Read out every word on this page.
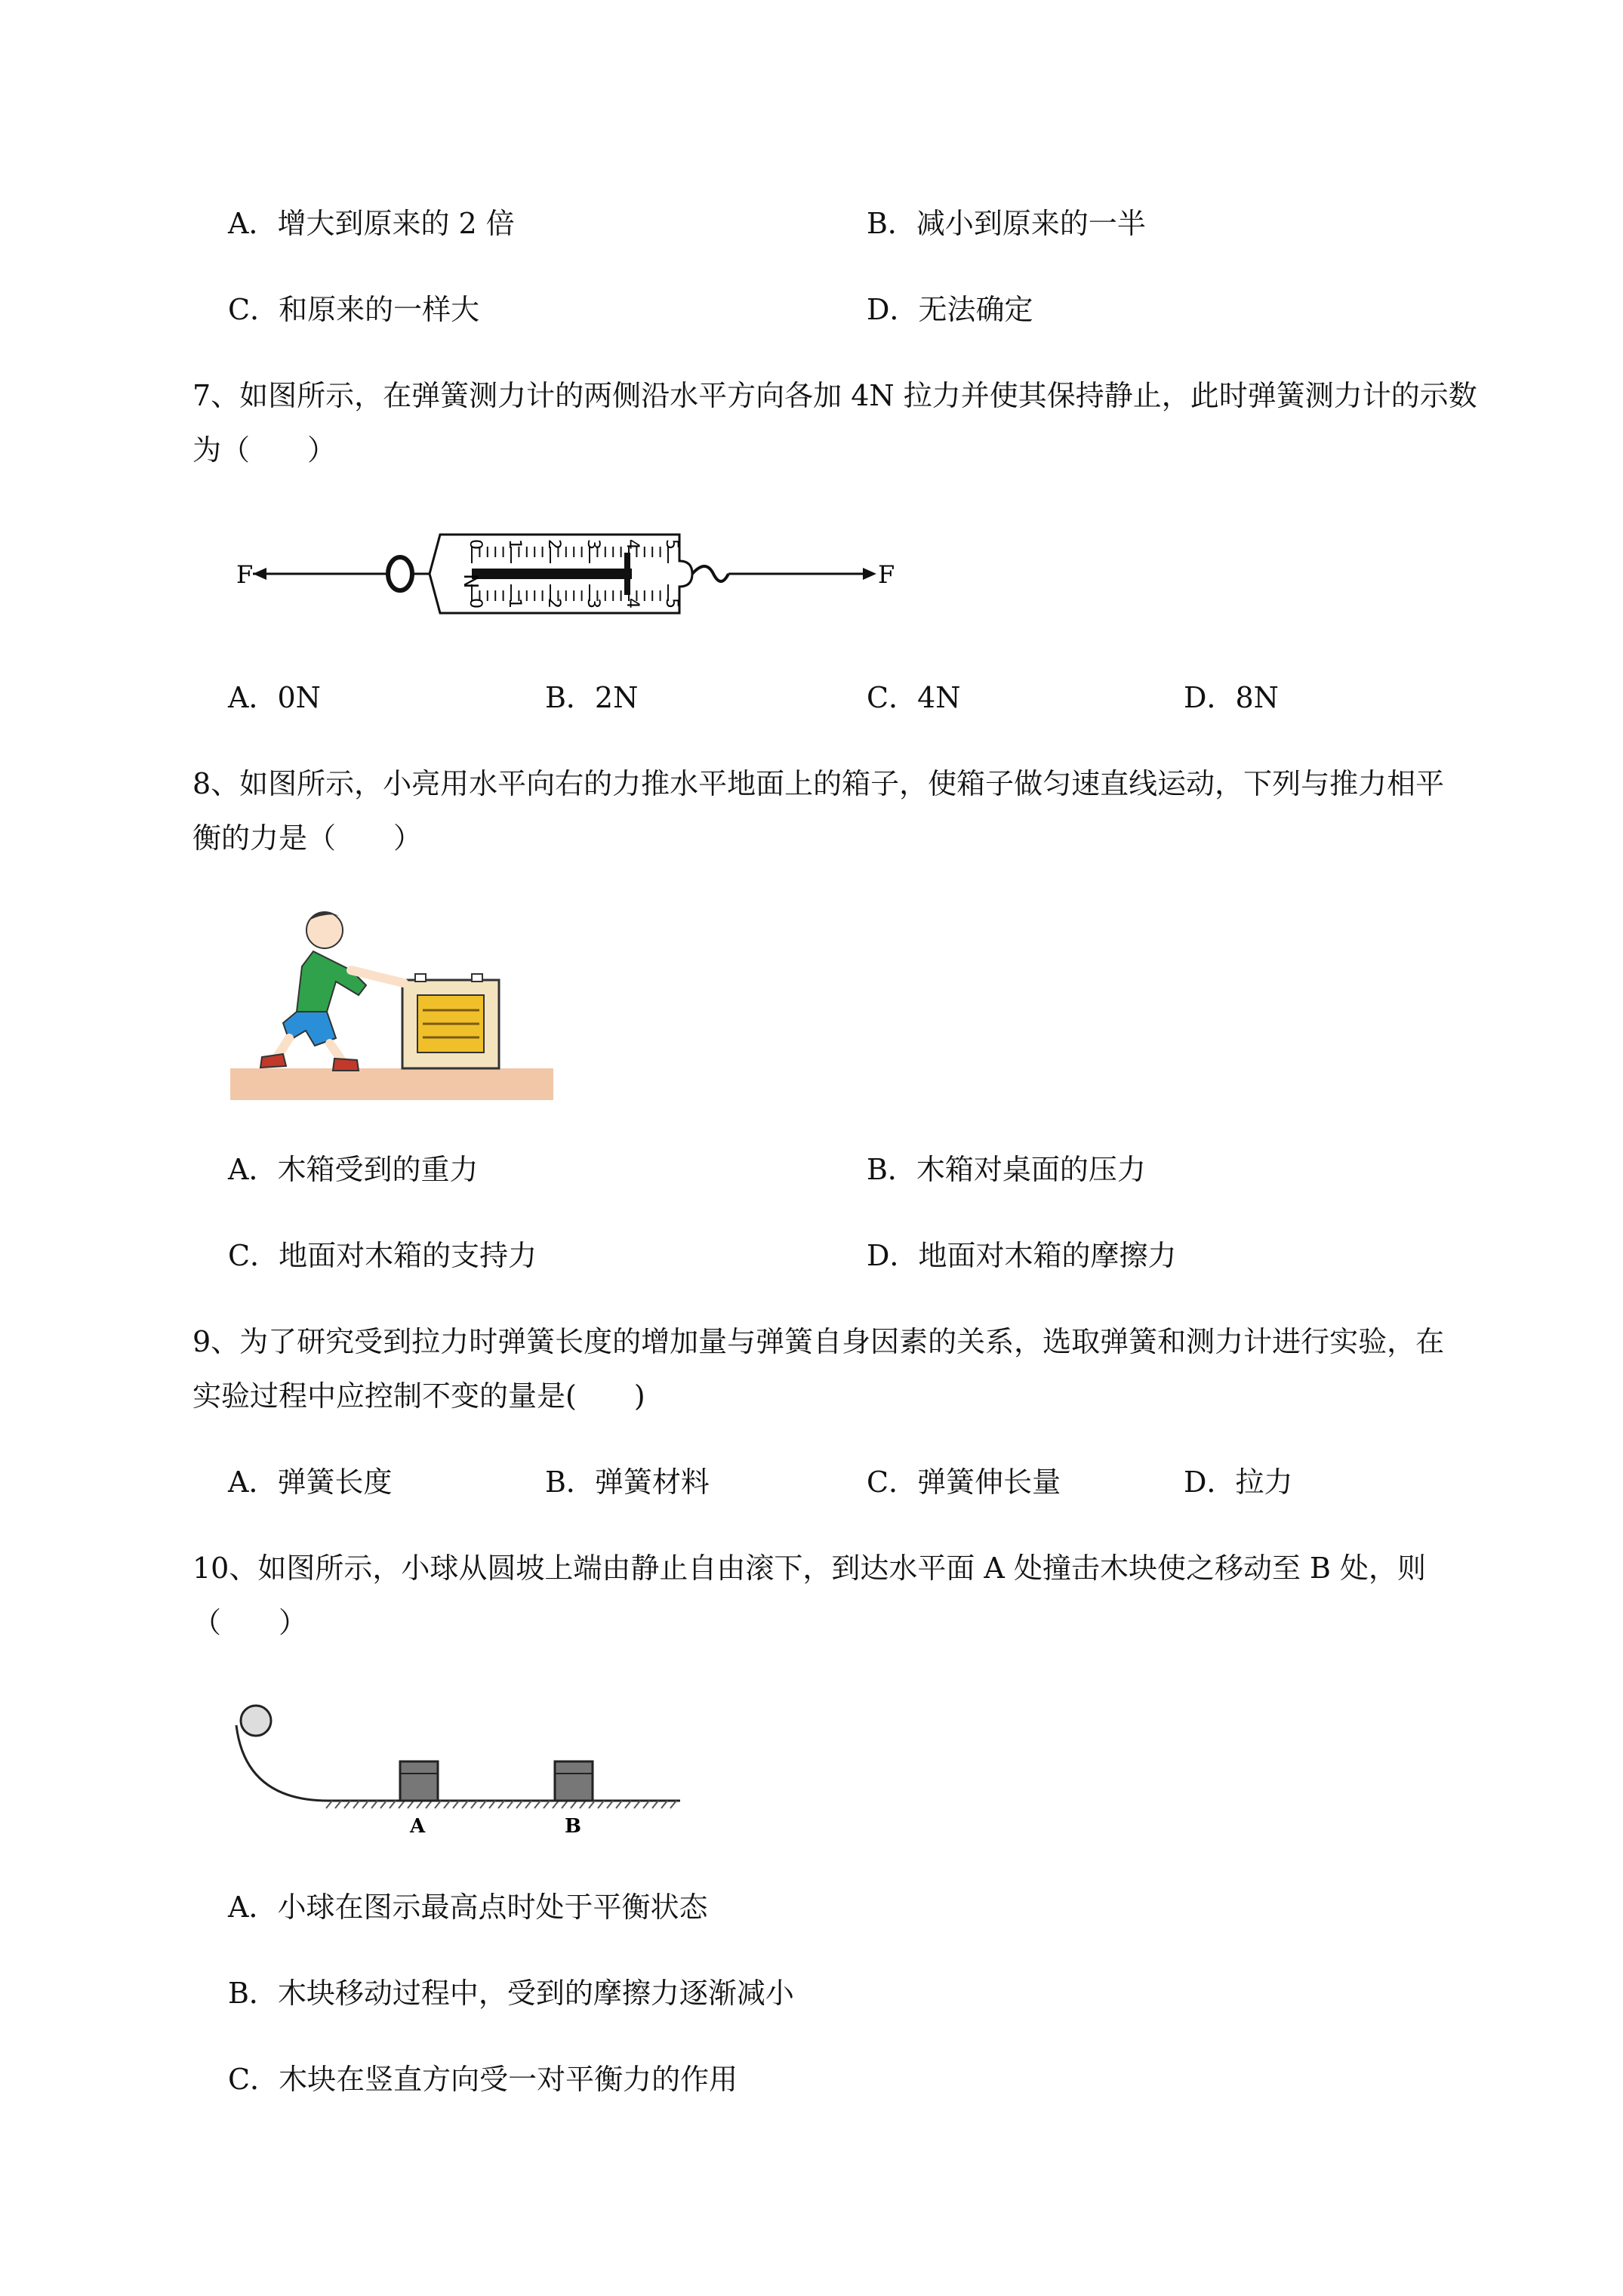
A．增大到原来的 2 倍	B．减小到原来的一半
C．和原来的一样大	D．无法确定
7、如图所示，在弹簧测力计的两侧沿水平方向各加 4N 拉力并使其保持静止，此时弹簧测力计的示数
为（　　）
F	N
0 1 2 3 4 5
0 1 2 3 4 5
F
A．0N	B．2N	C．4N	D．8N
8、如图所示，小亮用水平向右的力推水平地面上的箱子，使箱子做匀速直线运动，下列与推力相平
衡的力是（　　）
A．木箱受到的重力	B．木箱对桌面的压力
C．地面对木箱的支持力	D．地面对木箱的摩擦力
9、为了研究受到拉力时弹簧长度的增加量与弹簧自身因素的关系，选取弹簧和测力计进行实验，在
实验过程中应控制不变的量是(　　)
A．弹簧长度	B．弹簧材料	C．弹簧伸长量	D．拉力
10、如图所示，小球从圆坡上端由静止自由滚下，到达水平面 A 处撞击木块使之移动至 B 处，则
（　　）
A	B
A．小球在图示最高点时处于平衡状态
B．木块移动过程中，受到的摩擦力逐渐减小
C．木块在竖直方向受一对平衡力的作用
